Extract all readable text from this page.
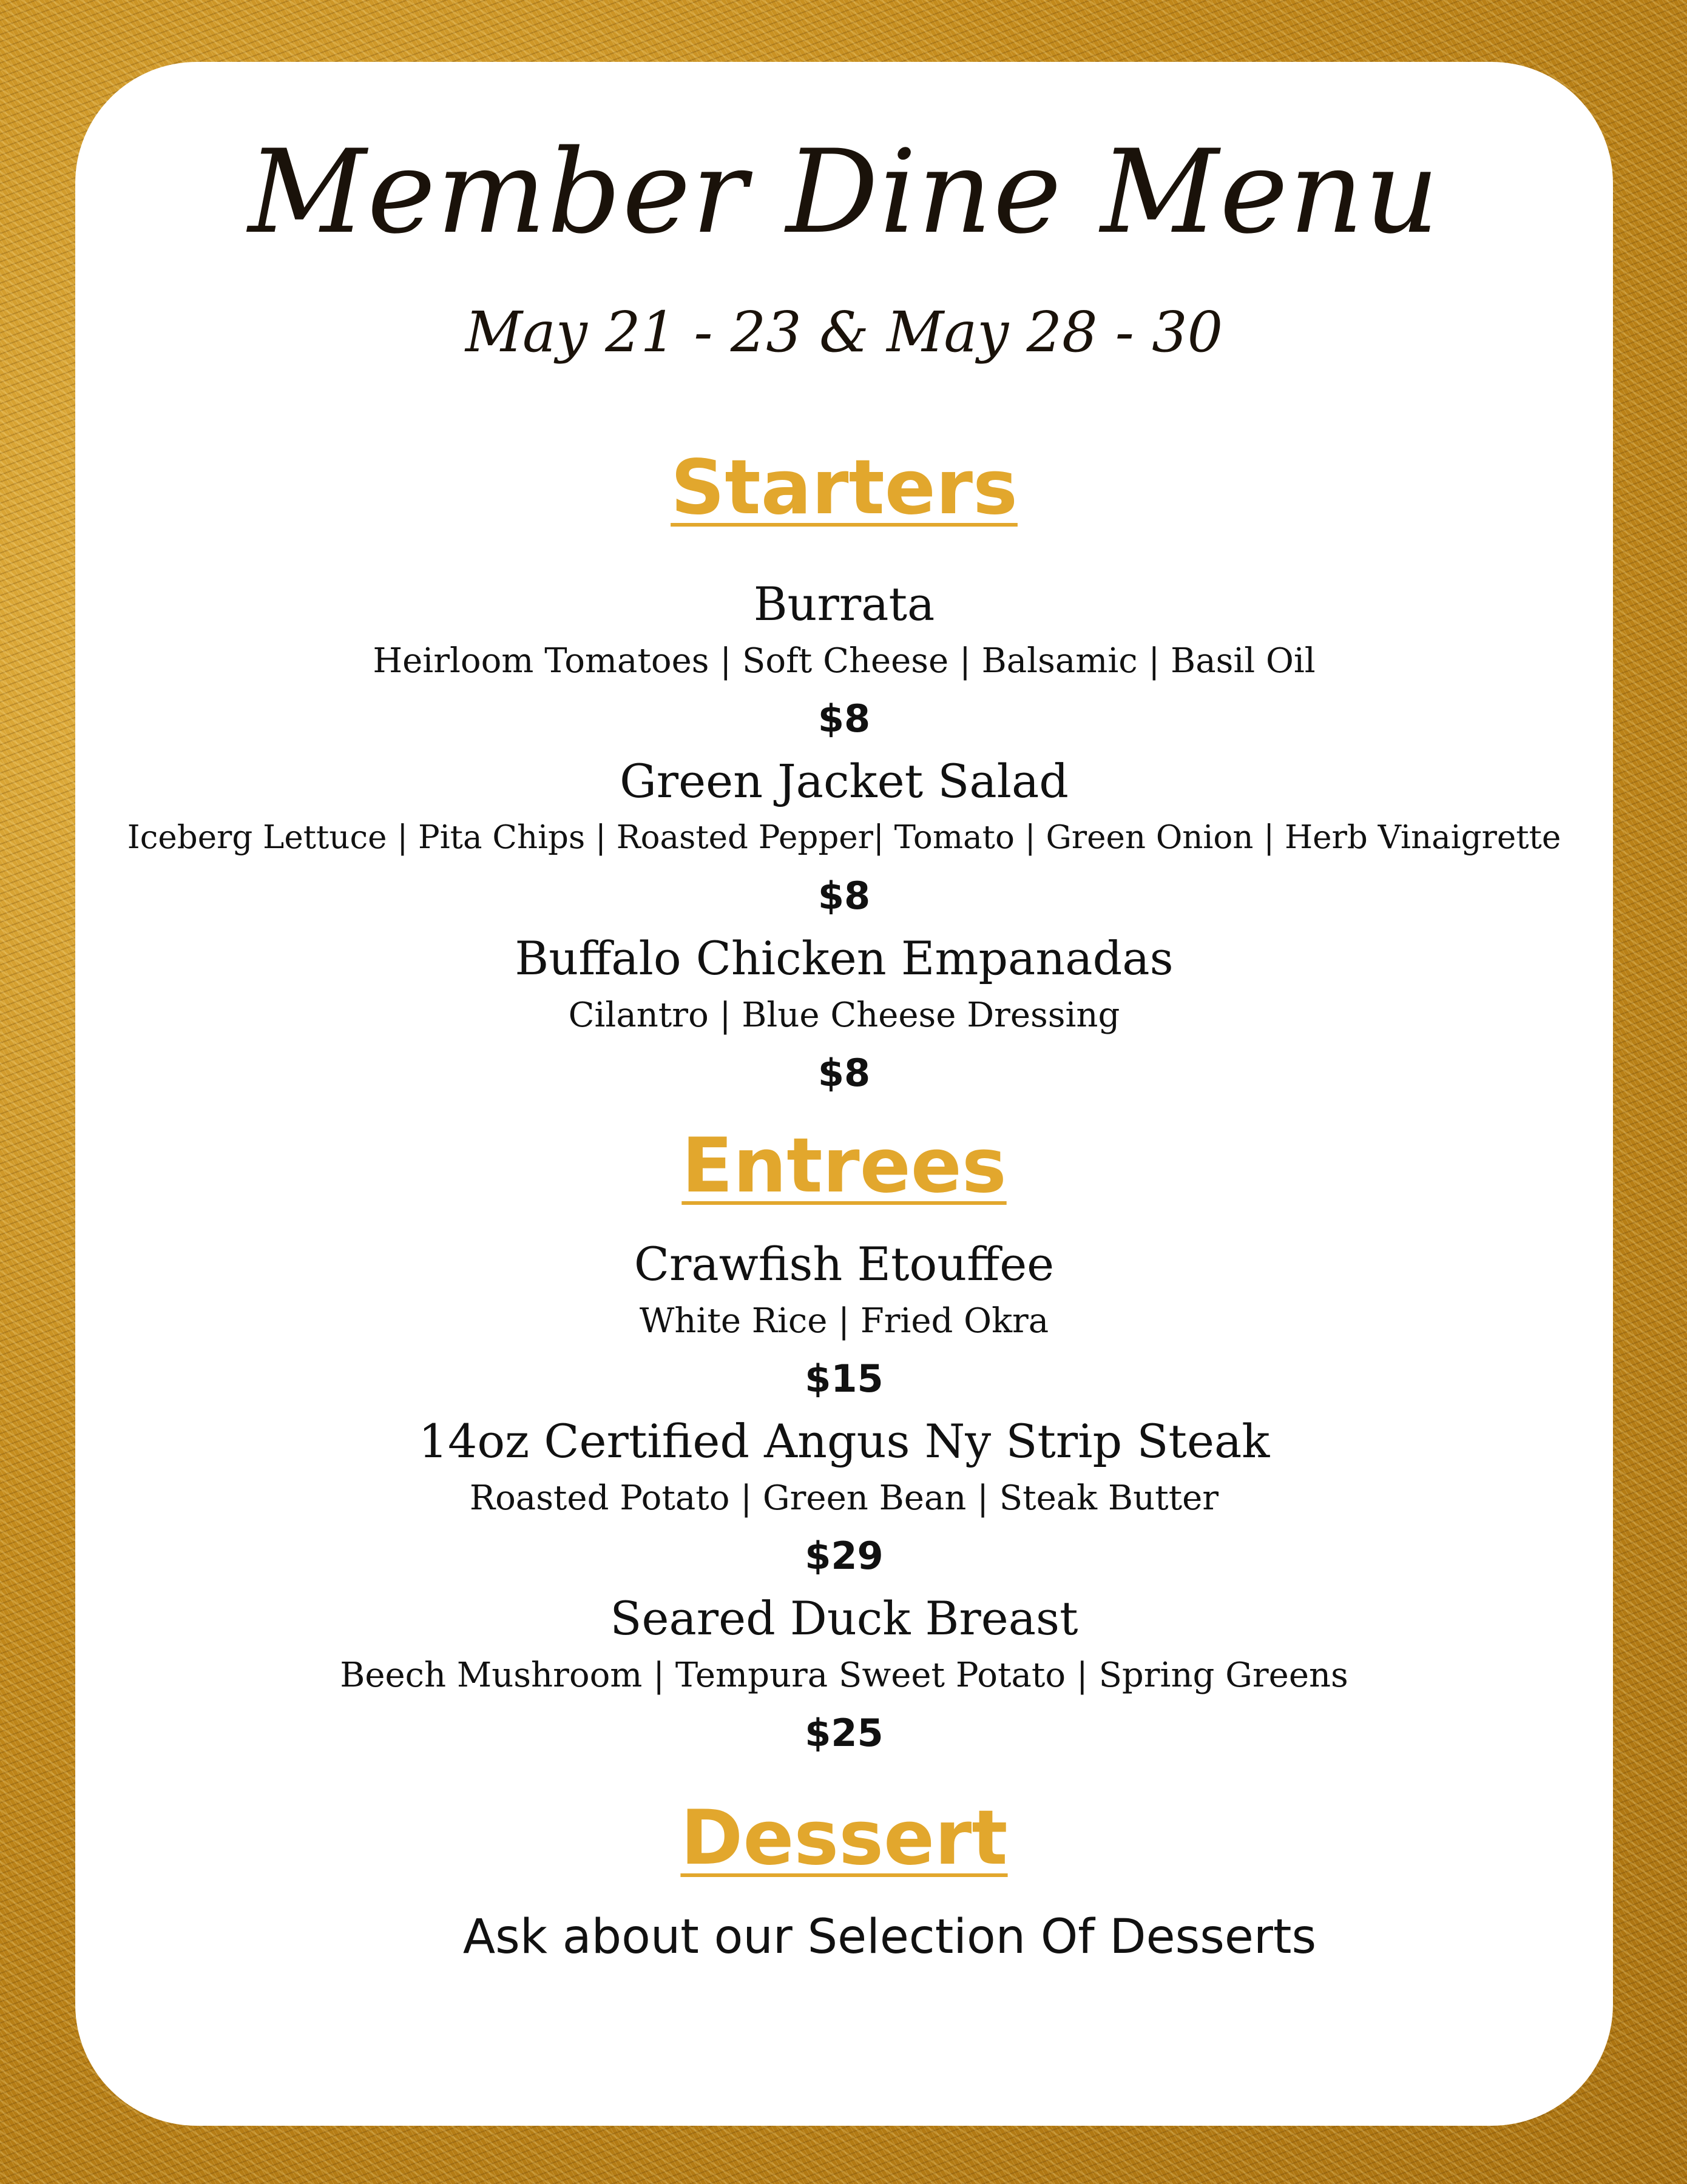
Member Dine Menu
May 21 - 23 & May 28 - 30
Starters
Burrata
Heirloom Tomatoes | Soft Cheese | Balsamic | Basil Oil
$8
Green Jacket Salad
Iceberg Lettuce | Pita Chips | Roasted Pepper| Tomato | Green Onion | Herb Vinaigrette
$8
Buffalo Chicken Empanadas
Cilantro | Blue Cheese Dressing
$8
Entrees
Crawfish Etouffee
White Rice | Fried Okra
$15
14oz Certified Angus Ny Strip Steak
Roasted Potato | Green Bean | Steak Butter
$29
Seared Duck Breast
Beech Mushroom | Tempura Sweet Potato | Spring Greens
$25
Dessert
Ask about our Selection Of Desserts
